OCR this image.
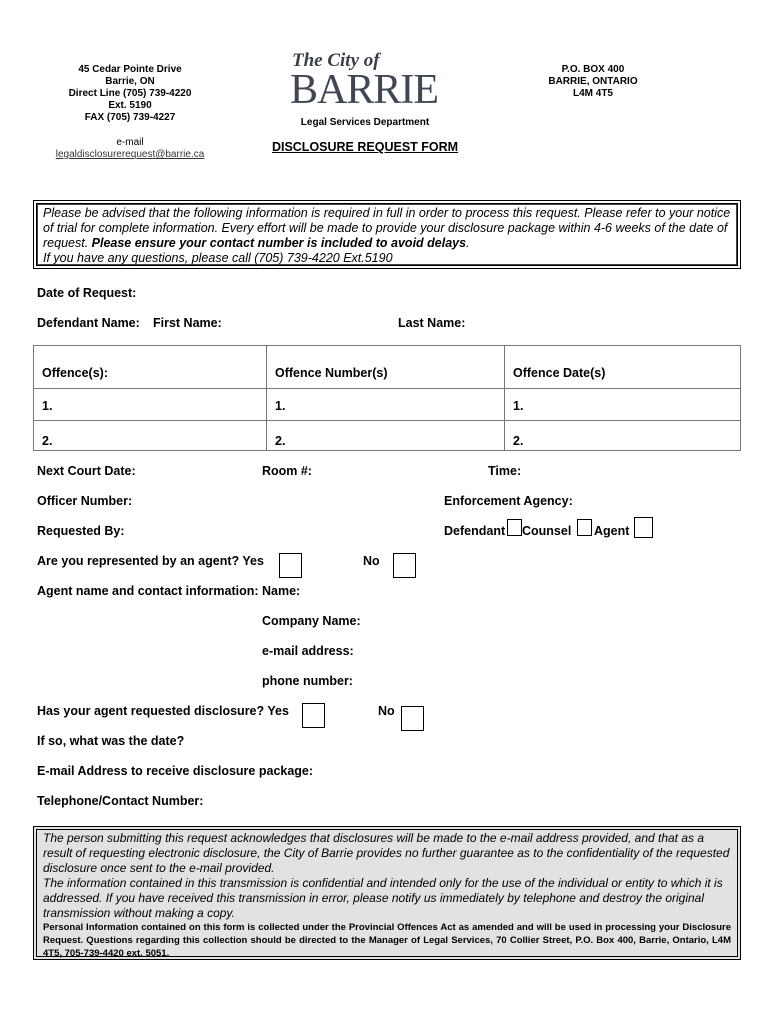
45 Cedar Pointe Drive
Barrie, ON
Direct Line (705) 739-4220
Ext. 5190
FAX (705) 739-4227
e-mail
legaldisclosurerequest@barrie.ca
The City of
BARRIE
Legal Services Department
DISCLOSURE REQUEST FORM
P.O. BOX 400
BARRIE, ONTARIO
L4M 4T5
Please be advised that the following information is required in full in order to process this request. Please refer to your notice of trial for complete information. Every effort will be made to provide your disclosure package within 4-6 weeks of the date of request. Please ensure your contact number is included to avoid delays.
If you have any questions, please call (705) 739-4220 Ext.5190
Date of Request:
Defendant Name: First Name:	Last Name:
Offence(s):	Offence Number(s)	Offence Date(s)
1.	1.	1.
2.	2.	2.
Next Court Date:	Room #:	Time:
Officer Number:	Enforcement Agency:
Requested By:	Defendant Counsel Agent
Are you represented by an agent? Yes	No
Agent name and contact information: Name:
Company Name:
e-mail address:
phone number:
Has your agent requested disclosure? Yes	No
If so, what was the date?
E-mail Address to receive disclosure package:
Telephone/Contact Number:
The person submitting this request acknowledges that disclosures will be made to the e-mail address provided, and that as a result of requesting electronic disclosure, the City of Barrie provides no further guarantee as to the confidentiality of the requested disclosure once sent to the e-mail provided.
The information contained in this transmission is confidential and intended only for the use of the individual or entity to which it is addressed. If you have received this transmission in error, please notify us immediately by telephone and destroy the original transmission without making a copy.
Personal Information contained on this form is collected under the Provincial Offences Act as amended and will be used in processing your Disclosure Request. Questions regarding this collection should be directed to the Manager of Legal Services, 70 Collier Street, P.O. Box 400, Barrie, Ontario, L4M 4T5, 705-739-4420 ext. 5051.
